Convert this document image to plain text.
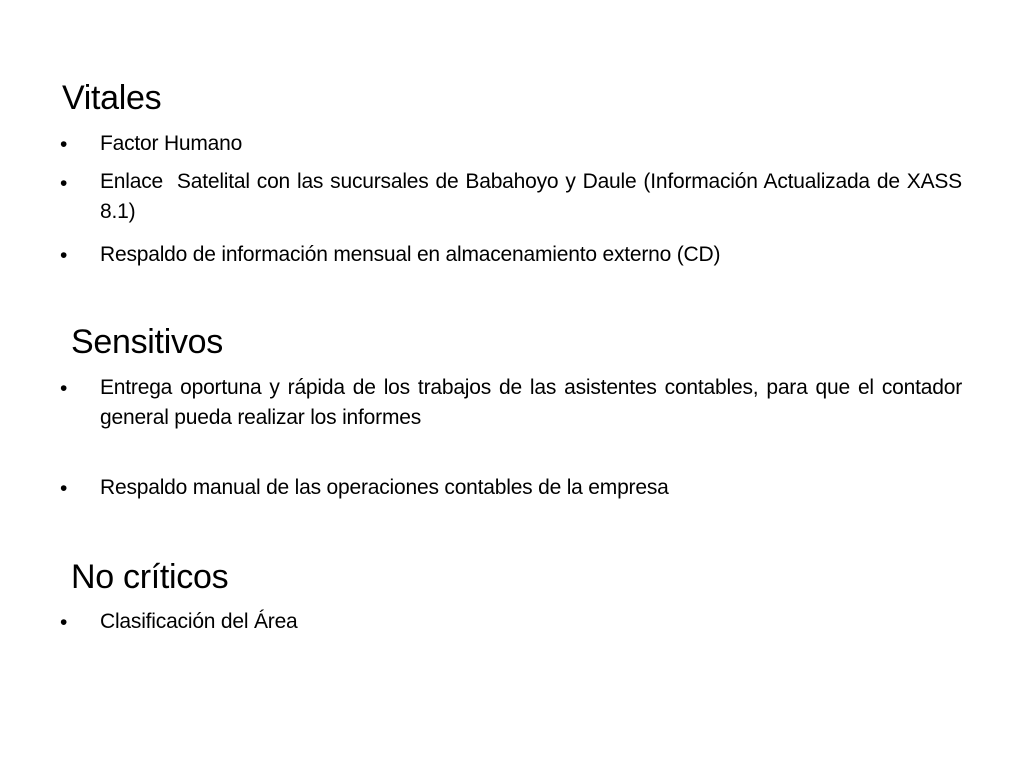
Vitales
• Factor Humano

• Enlace  Satelital con las sucursales de Babahoyo y Daule (Información Actualizada de XASS 8.1)

• Respaldo de información mensual en almacenamiento externo (CD)

Sensitivos
• Entrega oportuna y rápida de los trabajos de las asistentes contables, para que el contador general pueda realizar los informes

• Respaldo manual de las operaciones contables de la empresa

No críticos
• Clasificación del Área
